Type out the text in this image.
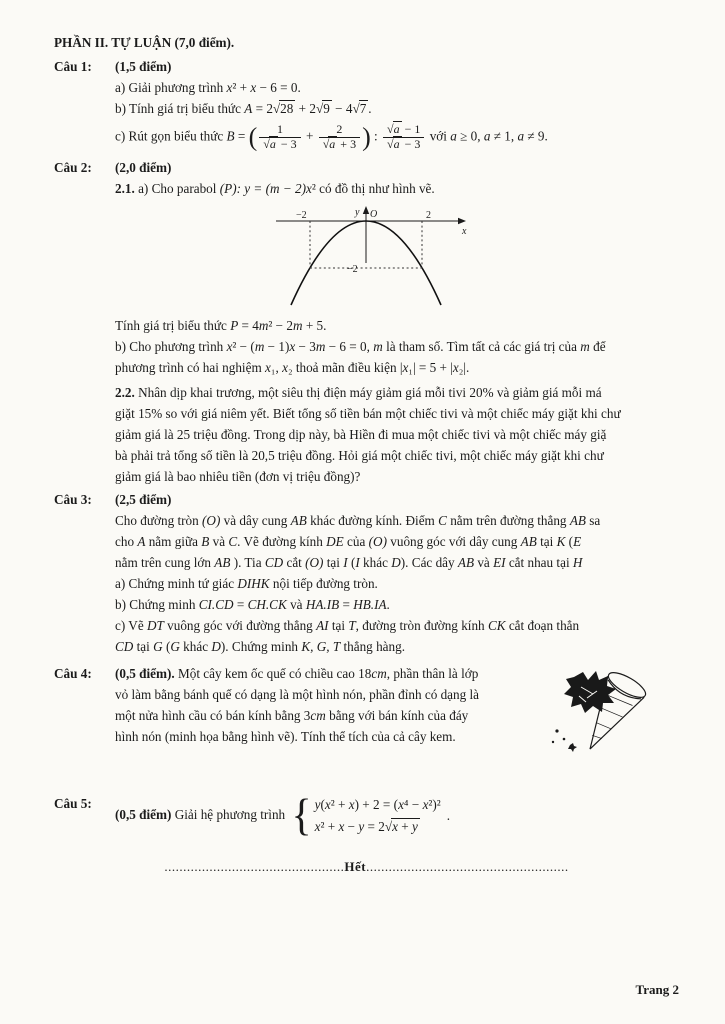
PHẦN II. TỰ LUẬN (7,0 điểm).
Câu 1:	(1,5 điểm)
a) Giải phương trình x² + x − 6 = 0.
b) Tính giá trị biểu thức A = 2√28 + 2√9 − 4√7 .
c) Rút gọn biểu thức B = ( $\frac{1}{√a - 3} + \frac{2}{√a + 3}$ ) : $\frac{√a - 1}{√a - 3}$ với a ≥ 0, a ≠ 1, a ≠ 9.
Câu 2:	(2,0 điểm)
2.1. a) Cho parabol (P): y = (m − 2)x² có đồ thị như hình vẽ.
y
x
O
−2	2
−2
Tính giá trị biểu thức P = 4m² − 2m + 5.
b) Cho phương trình x² − (m − 1)x − 3m − 6 = 0, m là tham số. Tìm tất cả các giá trị của m để
phương trình có hai nghiệm x₁, x₂ thoả mãn điều kiện |x₁| = 5 + |x₂|.
2.2. Nhân dịp khai trương, một siêu thị điện máy giảm giá mỗi tivi 20% và giảm giá mỗi má
giặt 15% so với giá niêm yết. Biết tổng số tiền bán một chiếc tivi và một chiếc máy giặt khi chư
giảm giá là 25 triệu đồng. Trong dịp này, bà Hiền đi mua một chiếc tivi và một chiếc máy giặ
bà phải trả tổng số tiền là 20,5 triệu đồng. Hỏi giá một chiếc tivi, một chiếc máy giặt khi chư
giảm giá là bao nhiêu tiền (đơn vị triệu đồng)?
Câu 3:	(2,5 điểm)
Cho đường tròn (O) và dây cung AB khác đường kính. Điểm C nằm trên đường thẳng AB sa
cho A nằm giữa B và C. Vẽ đường kính DE của (O) vuông góc với dây cung AB tại K (E
nằm trên cung lớn AB ). Tia CD cắt (O) tại I (I khác D). Các dây AB và EI cắt nhau tại H
a) Chứng minh tứ giác DIHK nội tiếp đường tròn.
b) Chứng minh CI.CD = CH.CK và HA.IB = HB.IA.
c) Vẽ DT vuông góc với đường thẳng AI tại T, đường tròn đường kính CK cắt đoạn thẳn
CD tại G (G khác D). Chứng minh K, G, T thẳng hàng.
Câu 4:	(0,5 điểm). Một cây kem ốc quế có chiều cao 18cm, phần thân là lớp
vỏ làm bằng bánh quế có dạng là một hình nón, phần đỉnh có dạng là
một nửa hình cầu có bán kính bằng 3cm bằng với bán kính của đáy
hình nón (minh họa bằng hình vẽ). Tính thể tích của cả cây kem.
Câu 5:
(0,5 điểm) Giải hệ phương trình { y(x² + x) + 2 = (x⁴ − x²)²
x² + x − y = 2√x + y
.
................................................Hết......................................................
Trang 2
